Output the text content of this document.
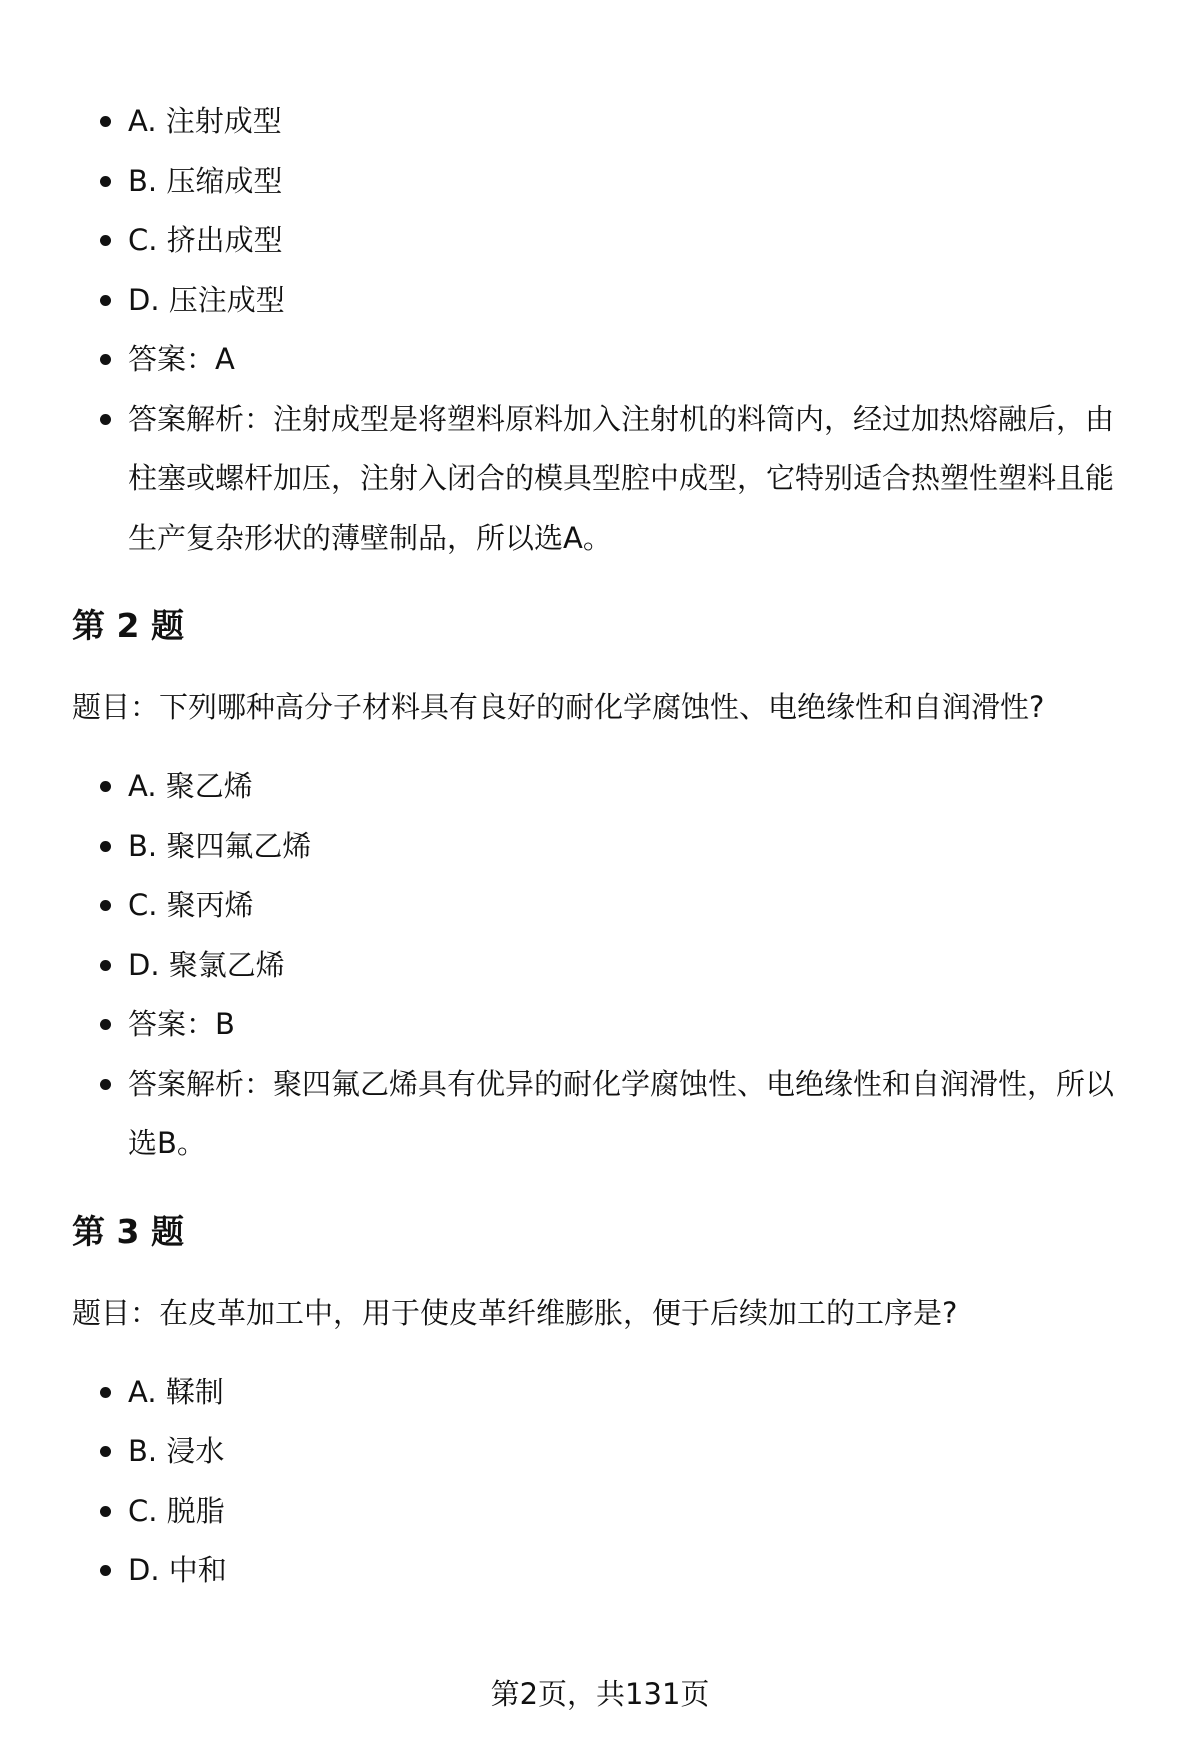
A. 注射成型
B. 压缩成型
C. 挤出成型
D. 压注成型
答案：A
答案解析：注射成型是将塑料原料加入注射机的料筒内，经过加热熔融后，由
柱塞或螺杆加压，注射入闭合的模具型腔中成型，它特别适合热塑性塑料且能
生产复杂形状的薄壁制品，所以选A。
第 2 题

题目：下列哪种高分子材料具有良好的耐化学腐蚀性、电绝缘性和自润滑性?

A. 聚乙烯
B. 聚四氟乙烯
C. 聚丙烯
D. 聚氯乙烯
答案：B
答案解析：聚四氟乙烯具有优异的耐化学腐蚀性、电绝缘性和自润滑性，所以
选B。
第 3 题

题目：在皮革加工中，用于使皮革纤维膨胀，便于后续加工的工序是?

A. 鞣制
B. 浸水
C. 脱脂
D. 中和
第2页，共131页
